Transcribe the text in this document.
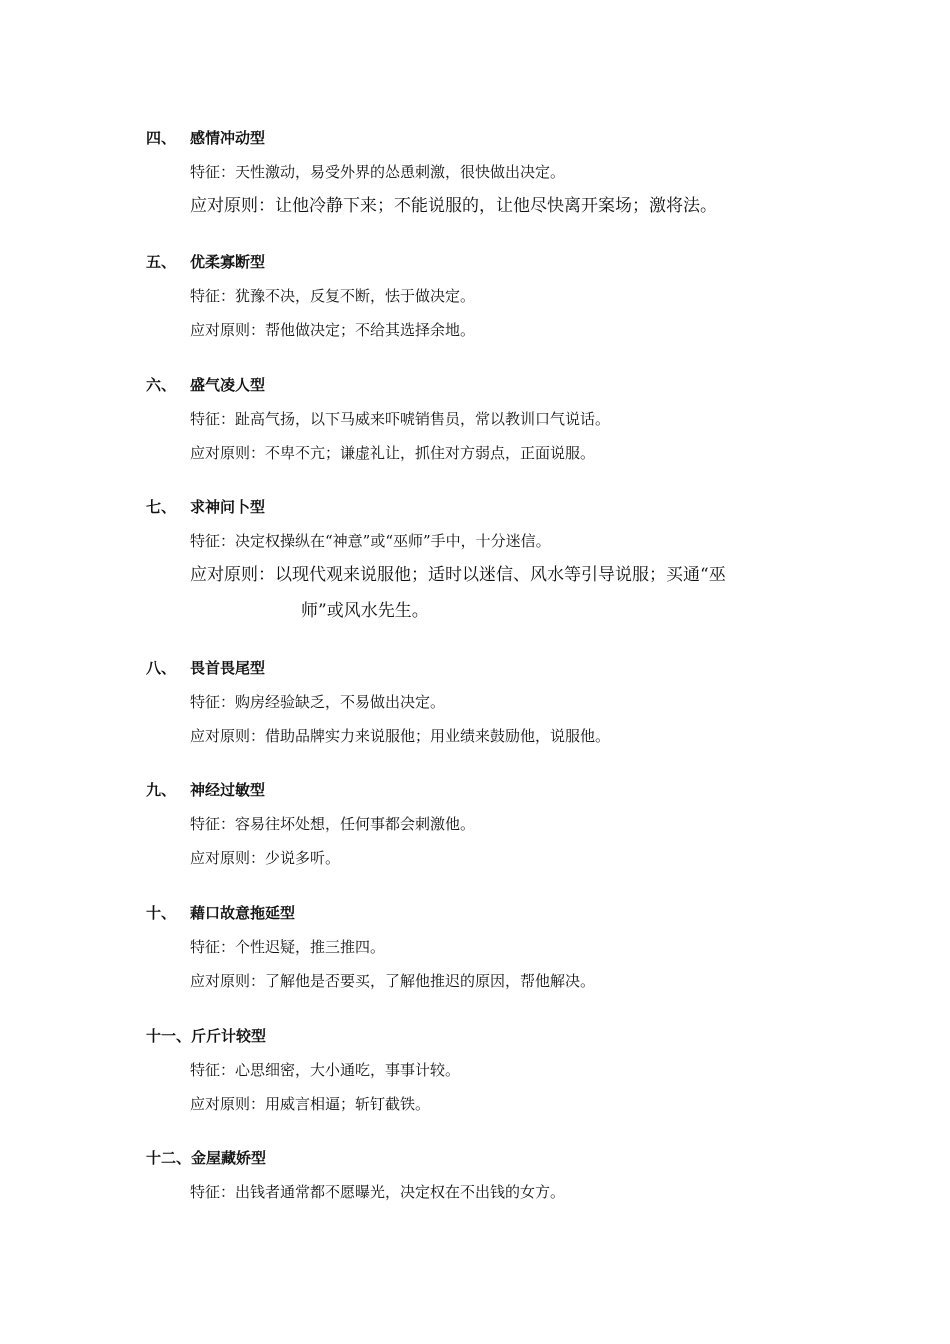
四、 感情冲动型
特征：天性激动，易受外界的怂恿刺激，很快做出决定。
应对原则：让他冷静下来；不能说服的，让他尽快离开案场；激将法。
五、 优柔寡断型
特征：犹豫不决，反复不断，怯于做决定。
应对原则：帮他做决定；不给其选择余地。
六、 盛气凌人型
特征：趾高气扬，以下马威来吓唬销售员，常以教训口气说话。
应对原则：不卑不亢；谦虚礼让，抓住对方弱点，正面说服。
七、 求神问卜型
特征：决定权操纵在“神意”或“巫师”手中，十分迷信。
应对原则：以现代观来说服他；适时以迷信、风水等引导说服；买通“巫
师”或风水先生。
八、 畏首畏尾型
特征：购房经验缺乏，不易做出决定。
应对原则：借助品牌实力来说服他；用业绩来鼓励他，说服他。
九、 神经过敏型
特征：容易往坏处想，任何事都会刺激他。
应对原则：少说多听。
十、 藉口故意拖延型
特征：个性迟疑，推三推四。
应对原则：了解他是否要买，了解他推迟的原因，帮他解决。
十一、 斤斤计较型
特征：心思细密，大小通吃，事事计较。
应对原则：用威言相逼；斩钉截铁。
十二、 金屋藏娇型
特征：出钱者通常都不愿曝光，决定权在不出钱的女方。
